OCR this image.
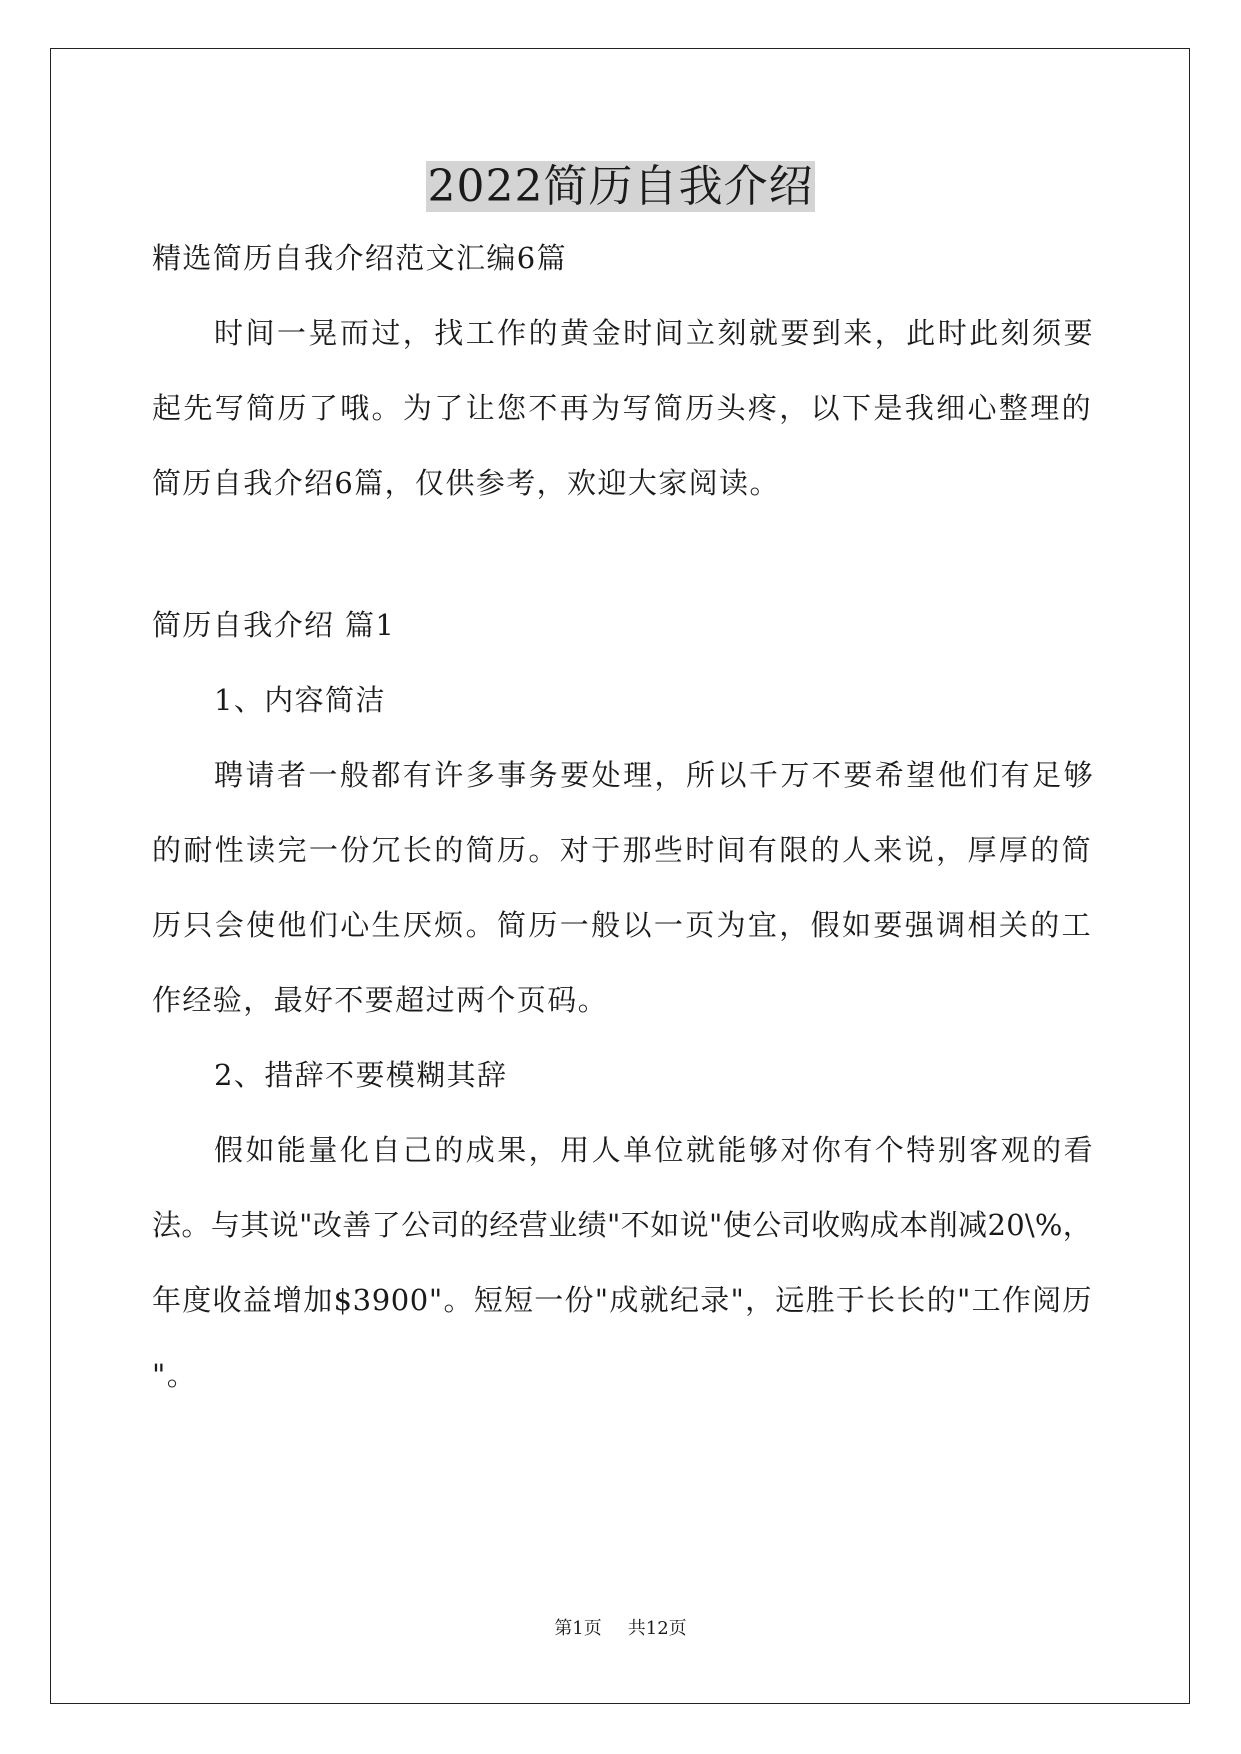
2022简历自我介绍
精选简历自我介绍范文汇编6篇
时间一晃而过，找工作的黄金时间立刻就要到来，此时此刻须要
起先写简历了哦。为了让您不再为写简历头疼，以下是我细心整理的
简历自我介绍6篇，仅供参考，欢迎大家阅读。
简历自我介绍 篇1
1、内容简洁
聘请者一般都有许多事务要处理，所以千万不要希望他们有足够
的耐性读完一份冗长的简历。对于那些时间有限的人来说，厚厚的简
历只会使他们心生厌烦。简历一般以一页为宜，假如要强调相关的工
作经验，最好不要超过两个页码。
2、措辞不要模糊其辞
假如能量化自己的成果，用人单位就能够对你有个特别客观的看
法。与其说"改善了公司的经营业绩"不如说"使公司收购成本削减20\%，
年度收益增加$3900"。短短一份"成就纪录"，远胜于长长的"工作阅历
"。
第1页 共12页
